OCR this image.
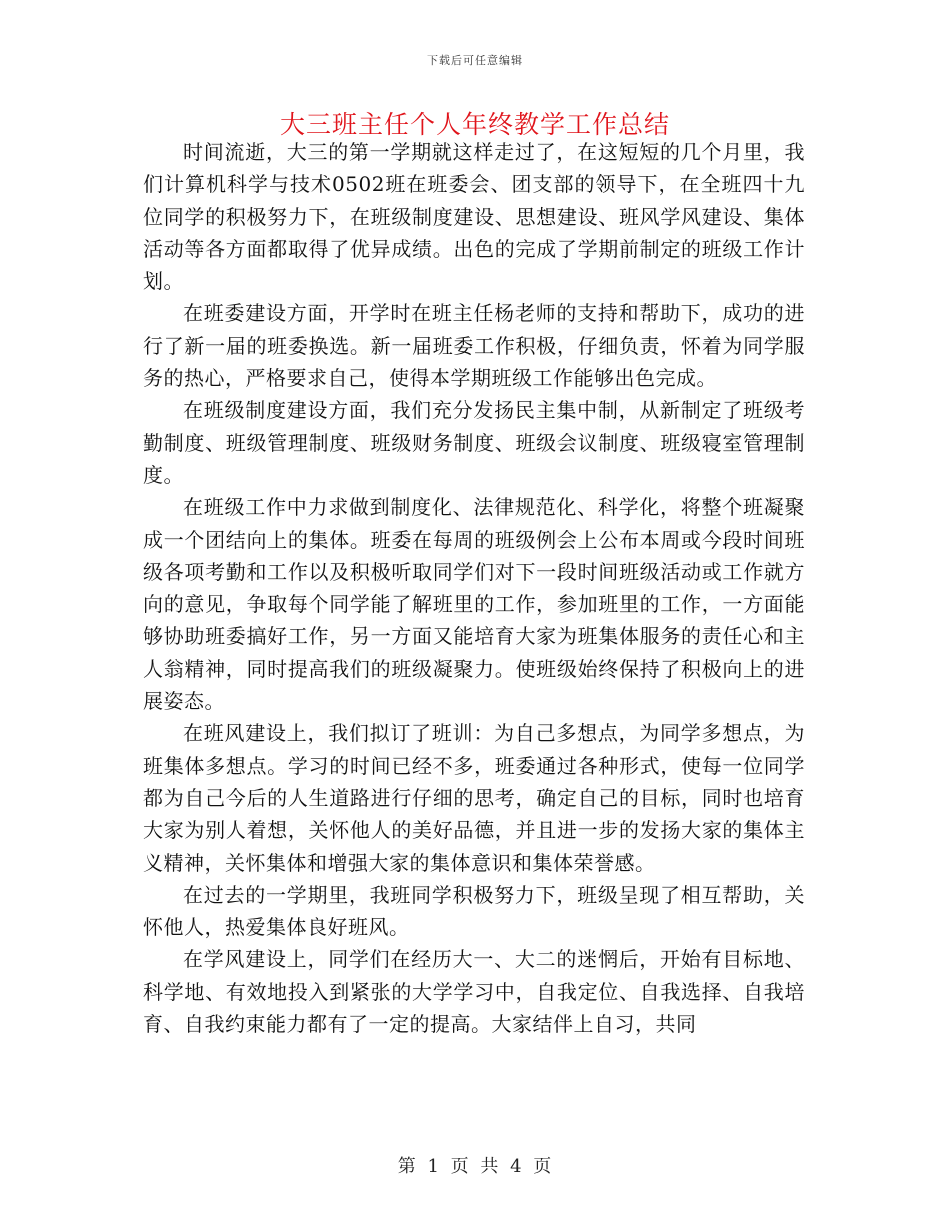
下载后可任意编辑
大三班主任个人年终教学工作总结

时间流逝，大三的第一学期就这样走过了，在这短短的几个月里，我们计算机科学与技术0502班在班委会、团支部的领导下，在全班四十九位同学的积极努力下，在班级制度建设、思想建设、班风学风建设、集体活动等各方面都取得了优异成绩。出色的完成了学期前制定的班级工作计划。

在班委建设方面，开学时在班主任杨老师的支持和帮助下，成功的进行了新一届的班委换选。新一届班委工作积极，仔细负责，怀着为同学服务的热心，严格要求自己，使得本学期班级工作能够出色完成。

在班级制度建设方面，我们充分发扬民主集中制，从新制定了班级考勤制度、班级管理制度、班级财务制度、班级会议制度、班级寝室管理制度。

在班级工作中力求做到制度化、法律规范化、科学化，将整个班凝聚成一个团结向上的集体。班委在每周的班级例会上公布本周或今段时间班级各项考勤和工作以及积极听取同学们对下一段时间班级活动或工作就方向的意见，争取每个同学能了解班里的工作，参加班里的工作，一方面能够协助班委搞好工作，另一方面又能培育大家为班集体服务的责任心和主人翁精神，同时提高我们的班级凝聚力。使班级始终保持了积极向上的进展姿态。

在班风建设上，我们拟订了班训：为自己多想点，为同学多想点，为班集体多想点。学习的时间已经不多，班委通过各种形式，使每一位同学都为自己今后的人生道路进行仔细的思考，确定自己的目标，同时也培育大家为别人着想，关怀他人的美好品德，并且进一步的发扬大家的集体主义精神，关怀集体和增强大家的集体意识和集体荣誉感。

在过去的一学期里，我班同学积极努力下，班级呈现了相互帮助，关怀他人，热爱集体良好班风。

在学风建设上，同学们在经历大一、大二的迷惘后，开始有目标地、科学地、有效地投入到紧张的大学学习中，自我定位、自我选择、自我培育、自我约束能力都有了一定的提高。大家结伴上自习，共同

第 1 页 共 4 页
